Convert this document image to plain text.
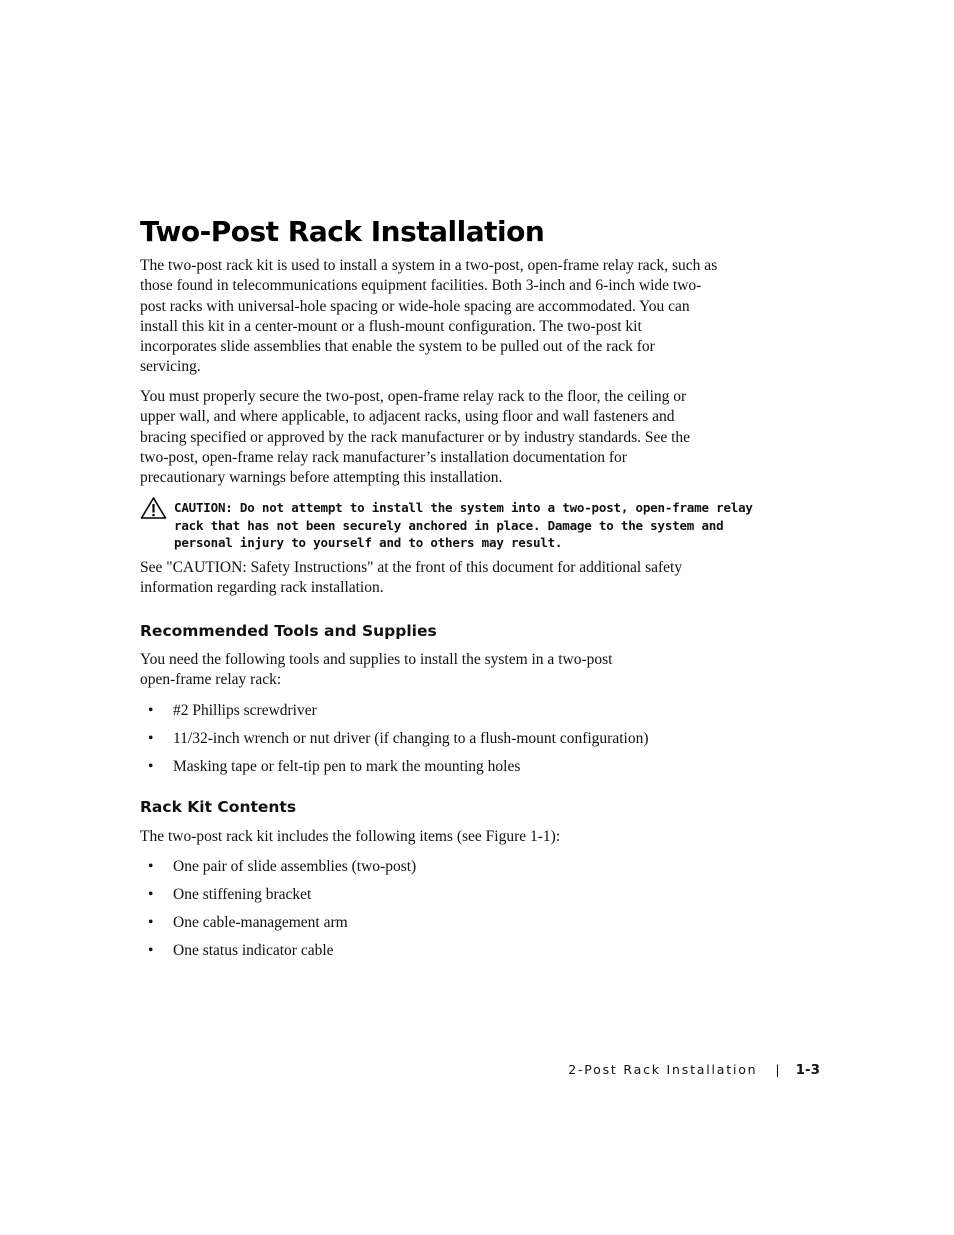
Two-Post Rack Installation

The two-post rack kit is used to install a system in a two-post, open-frame relay rack, such as
those found in telecommunications equipment facilities. Both 3-inch and 6-inch wide two-
post racks with universal-hole spacing or wide-hole spacing are accommodated. You can
install this kit in a center-mount or a flush-mount configuration. The two-post kit
incorporates slide assemblies that enable the system to be pulled out of the rack for
servicing.

You must properly secure the two-post, open-frame relay rack to the floor, the ceiling or
upper wall, and where applicable, to adjacent racks, using floor and wall fasteners and
bracing specified or approved by the rack manufacturer or by industry standards. See the
two-post, open-frame relay rack manufacturer’s installation documentation for
precautionary warnings before attempting this installation.

CAUTION: Do not attempt to install the system into a two-post, open-frame relay
rack that has not been securely anchored in place. Damage to the system and
personal injury to yourself and to others may result.

See "CAUTION: Safety Instructions" at the front of this document for additional safety
information regarding rack installation.

Recommended Tools and Supplies

You need the following tools and supplies to install the system in a two-post
open-frame relay rack:

• #2 Phillips screwdriver
• 11/32-inch wrench or nut driver (if changing to a flush-mount configuration)
• Masking tape or felt-tip pen to mark the mounting holes
Rack Kit Contents

The two-post rack kit includes the following items (see Figure 1-1):

• One pair of slide assemblies (two-post)
• One stiffening bracket
• One cable-management arm
• One status indicator cable
2-Post Rack Installation | 1-3
